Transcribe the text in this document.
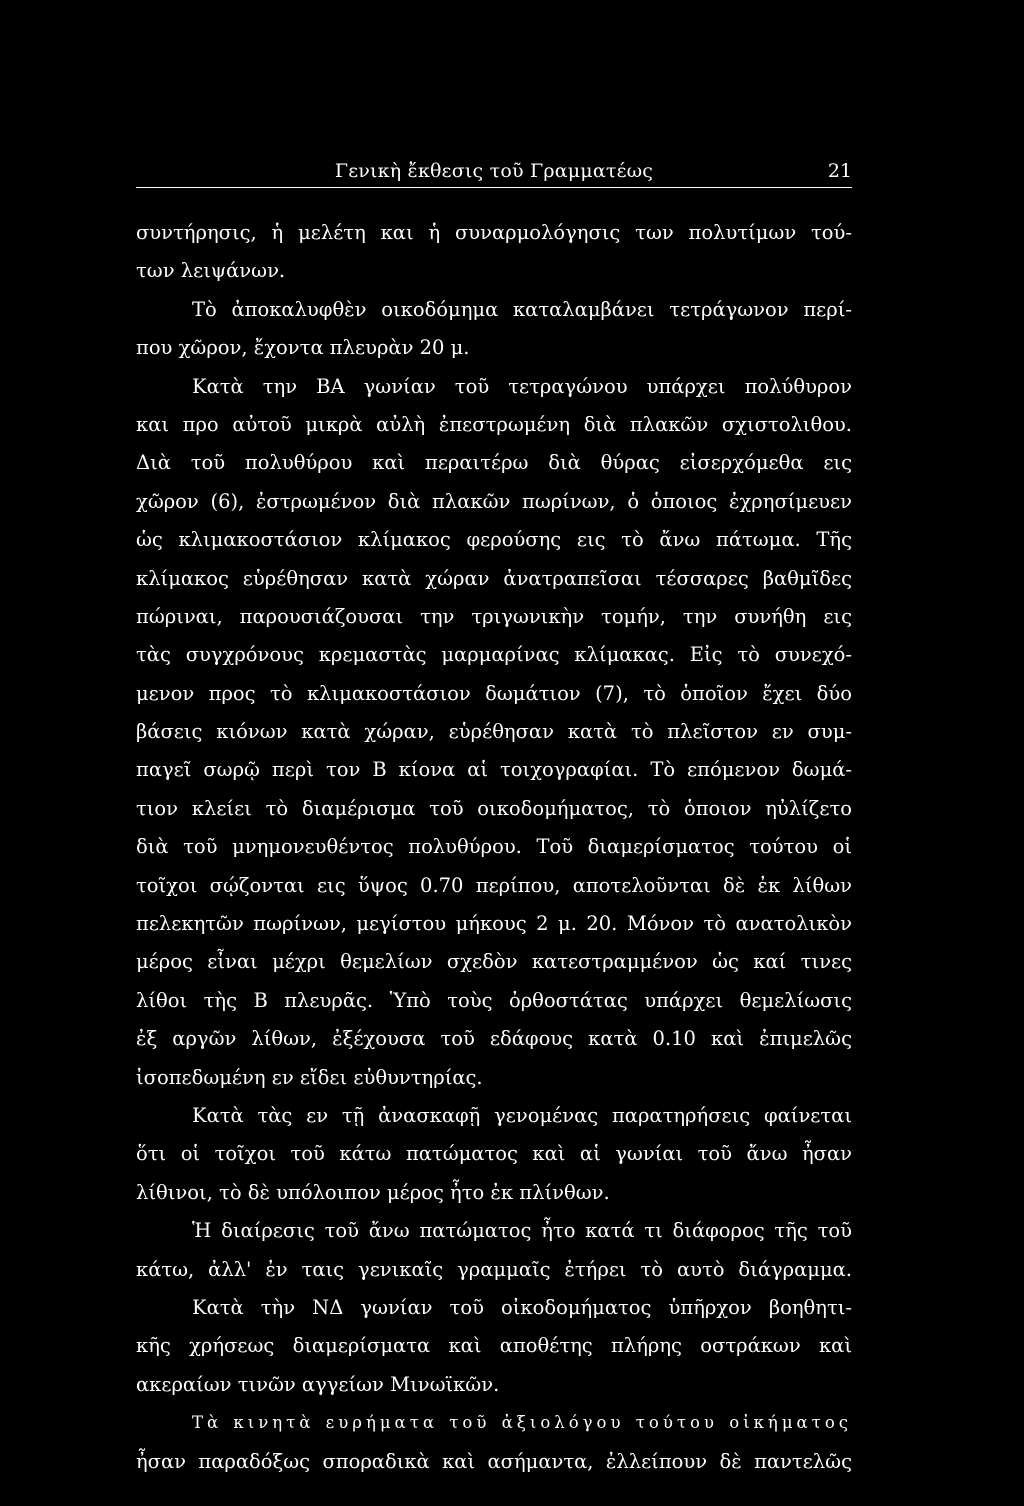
Γενικὴ ἔκθεσις τοῦ Γραμματέως	21
συντήρησις, ἡ μελέτη και ἡ συναρμολόγησις των πολυτίμων τού-
των λειψάνων.
Τὸ ἀποκαλυφθὲν οικοδόμημα καταλαμβάνει τετράγωνον περί-
που χῶρον, ἔχοντα πλευρὰν 20 μ.
Κατὰ την ΒΑ γωνίαν τοῦ τετραγώνου υπάρχει πολύθυρον
και προ αὐτοῦ μικρὰ αὐλὴ ἐπεστρωμένη διὰ πλακῶν σχιστολιθου.
Διὰ τοῦ πολυθύρου καὶ περαιτέρω διὰ θύρας εἰσερχόμεθα εις
χῶρον (6), ἐστρωμένον διὰ πλακῶν πωρίνων, ὁ ὁποιος ἐχρησίμευεν
ὡς κλιμακοστάσιον κλίμακος φερούσης εις τὸ ἄνω πάτωμα. Τῆς
κλίμακος εὑρέθησαν κατὰ χώραν ἀνατραπεῖσαι τέσσαρες βαθμῖδες
πώριναι, παρουσιάζουσαι την τριγωνικὴν τομήν, την συνήθη εις
τὰς συγχρόνους κρεμαστὰς μαρμαρίνας κλίμακας. Εἰς τὸ συνεχό-
μενον προς τὸ κλιμακοστάσιον δωμάτιον (7), τὸ ὁποῖον ἔχει δύο
βάσεις κιόνων κατὰ χώραν, εὑρέθησαν κατὰ τὸ πλεῖστον εν συμ-
παγεῖ σωρῷ περὶ τον Β κίονα αἱ τοιχογραφίαι. Τὸ επόμενον δωμά-
τιον κλείει τὸ διαμέρισμα τοῦ οικοδομήματος, τὸ ὁποιον ηὐλίζετο
διὰ τοῦ μνημονευθέντος πολυθύρου. Τοῦ διαμερίσματος τούτου οἱ
τοῖχοι σῴζονται εις ὕψος 0.70 περίπου, αποτελοῦνται δὲ ἐκ λίθων
πελεκητῶν πωρίνων, μεγίστου μήκους 2 μ. 20. Μόνον τὸ ανατολικὸν
μέρος εἶναι μέχρι θεμελίων σχεδὸν κατεστραμμένον ὡς καί τινες
λίθοι τὴς Β πλευρᾶς. Ὑπὸ τοὺς ὀρθοστάτας υπάρχει θεμελίωσις
ἐξ αργῶν λίθων, ἐξέχουσα τοῦ εδάφους κατὰ 0.10 καὶ ἐπιμελῶς
ἰσοπεδωμένη εν εἴδει εὐθυντηρίας.
Κατὰ τὰς εν τῇ ἀνασκαφῇ γενομένας παρατηρήσεις φαίνεται
ὅτι οἱ τοῖχοι τοῦ κάτω πατώματος καὶ αἱ γωνίαι τοῦ ἄνω ἦσαν
λίθινοι, τὸ δὲ υπόλοιπον μέρος ἦτο ἐκ πλίνθων.
Ἡ διαίρεσις τοῦ ἄνω πατώματος ἦτο κατά τι διάφορος τῆς τοῦ
κάτω, ἀλλ' ἐν ταις γενικαῖς γραμμαῖς ἐτήρει τὸ αυτὸ διάγραμμα.
Κατὰ τὴν ΝΔ γωνίαν τοῦ οἰκοδομήματος ὑπῆρχον βοηθητι-
κῆς χρήσεως διαμερίσματα καὶ αποθέτης πλήρης οστράκων καὶ
ακεραίων τινῶν αγγείων Μινωϊκῶν.
Τὰ κινητὰ ευρήματα τοῦ ἀξιολόγου τούτου οἰκήματος
ἦσαν παραδόξως σποραδικὰ καὶ ασήμαντα, ἐλλείπουν δὲ παντελῶς
